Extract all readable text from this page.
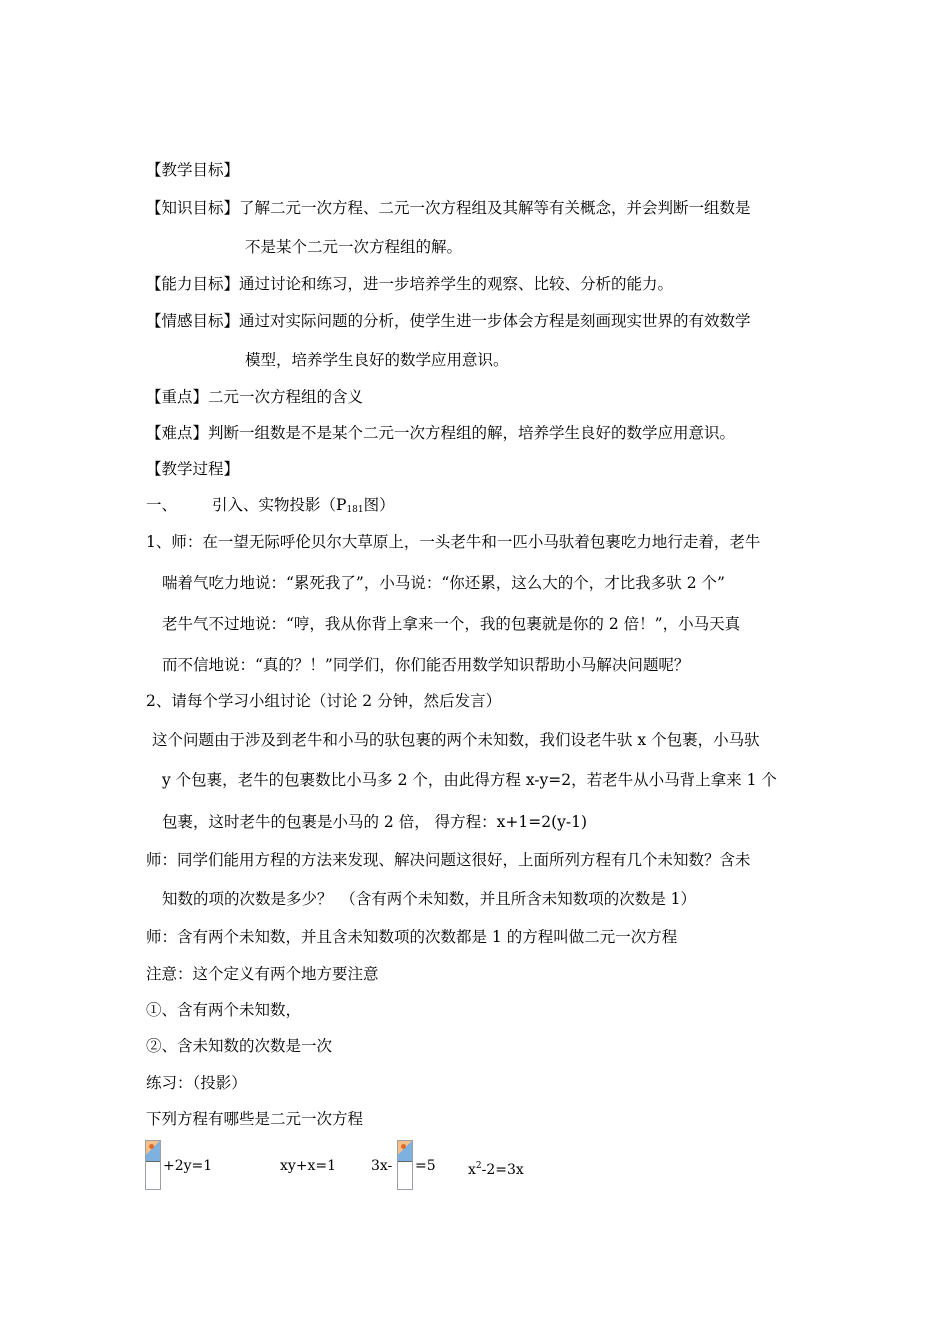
【教学目标】
【知识目标】了解二元一次方程、二元一次方程组及其解等有关概念，并会判断一组数是
不是某个二元一次方程组的解。
【能力目标】通过讨论和练习，进一步培养学生的观察、比较、分析的能力。
【情感目标】通过对实际问题的分析，使学生进一步体会方程是刻画现实世界的有效数学
模型，培养学生良好的数学应用意识。
【重点】二元一次方程组的含义
【难点】判断一组数是不是某个二元一次方程组的解，培养学生良好的数学应用意识。
【教学过程】
一、 引入、实物投影（$P_{181}$图）
1、师：在一望无际呼伦贝尔大草原上，一头老牛和一匹小马驮着包裹吃力地行走着，老牛
喘着气吃力地说：“累死我了”，小马说：“你还累，这么大的个，才比我多驮 2 个”
老牛气不过地说：“哼，我从你背上拿来一个，我的包裹就是你的 2 倍！”，小马天真
而不信地说：“真的？！”同学们，你们能否用数学知识帮助小马解决问题呢？
2、请每个学习小组讨论（讨论 2 分钟，然后发言）
这个问题由于涉及到老牛和小马的驮包裹的两个未知数，我们设老牛驮 x 个包裹，小马驮
y 个包裹，老牛的包裹数比小马多 2 个，由此得方程 x-y=2，若老牛从小马背上拿来 1 个
包裹，这时老牛的包裹是小马的 2 倍， 得方程：x+1=2(y-1)
师：同学们能用方程的方法来发现、解决问题这很好，上面所列方程有几个未知数？含未
知数的项的次数是多少？　（含有两个未知数，并且所含未知数项的次数是 1）
师：含有两个未知数，并且含未知数项的次数都是 1 的方程叫做二元一次方程
注意：这个定义有两个地方要注意
①、含有两个未知数，
②、含未知数的次数是一次
练习：（投影）
下列方程有哪些是二元一次方程
+2y=1	xy+x=1 3x- =5 $x^2-2=3x$
